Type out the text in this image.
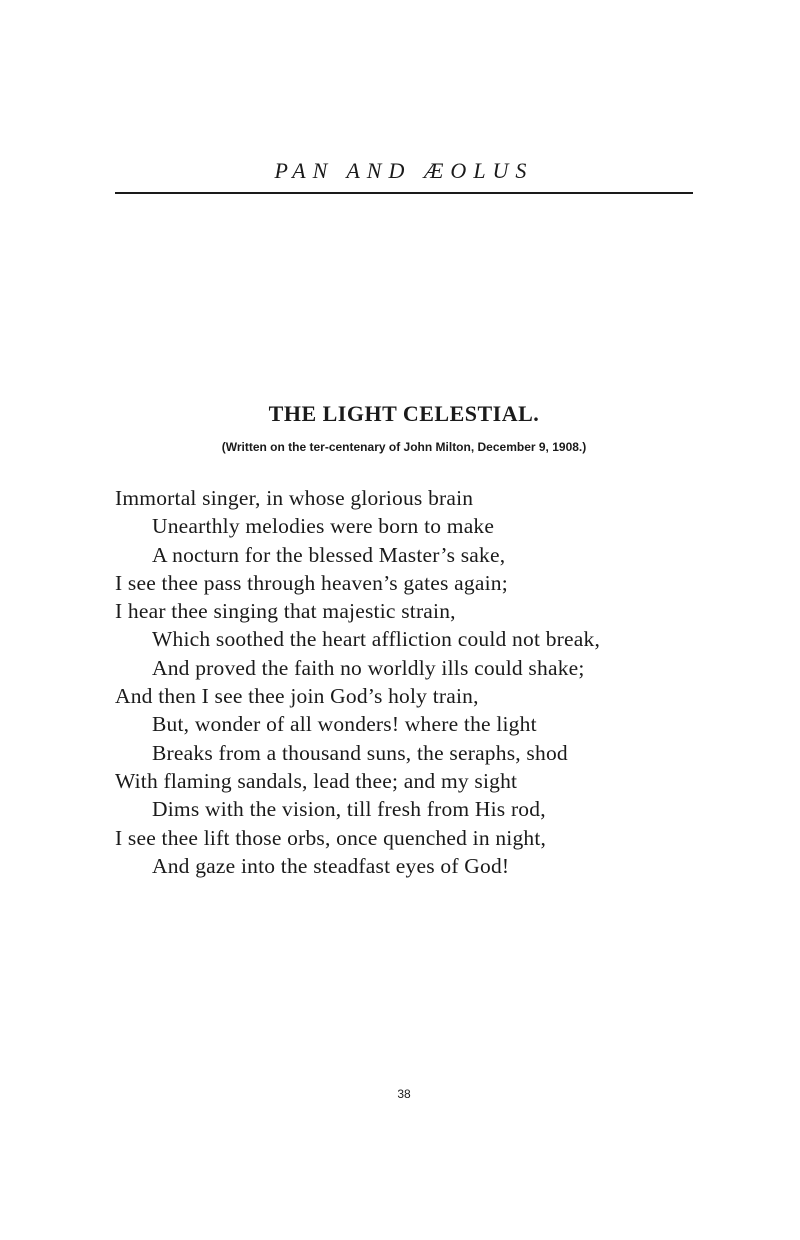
PAN AND ÆOLUS
THE LIGHT CELESTIAL.
(Written on the ter-centenary of John Milton, December 9, 1908.)
Immortal singer, in whose glorious brain
Unearthly melodies were born to make
A nocturn for the blessed Master’s sake,
I see thee pass through heaven’s gates again;
I hear thee singing that majestic strain,
Which soothed the heart affliction could not break,
And proved the faith no worldly ills could shake;
And then I see thee join God’s holy train,
But, wonder of all wonders! where the light
Breaks from a thousand suns, the seraphs, shod
With flaming sandals, lead thee; and my sight
Dims with the vision, till fresh from His rod,
I see thee lift those orbs, once quenched in night,
And gaze into the steadfast eyes of God!
38
